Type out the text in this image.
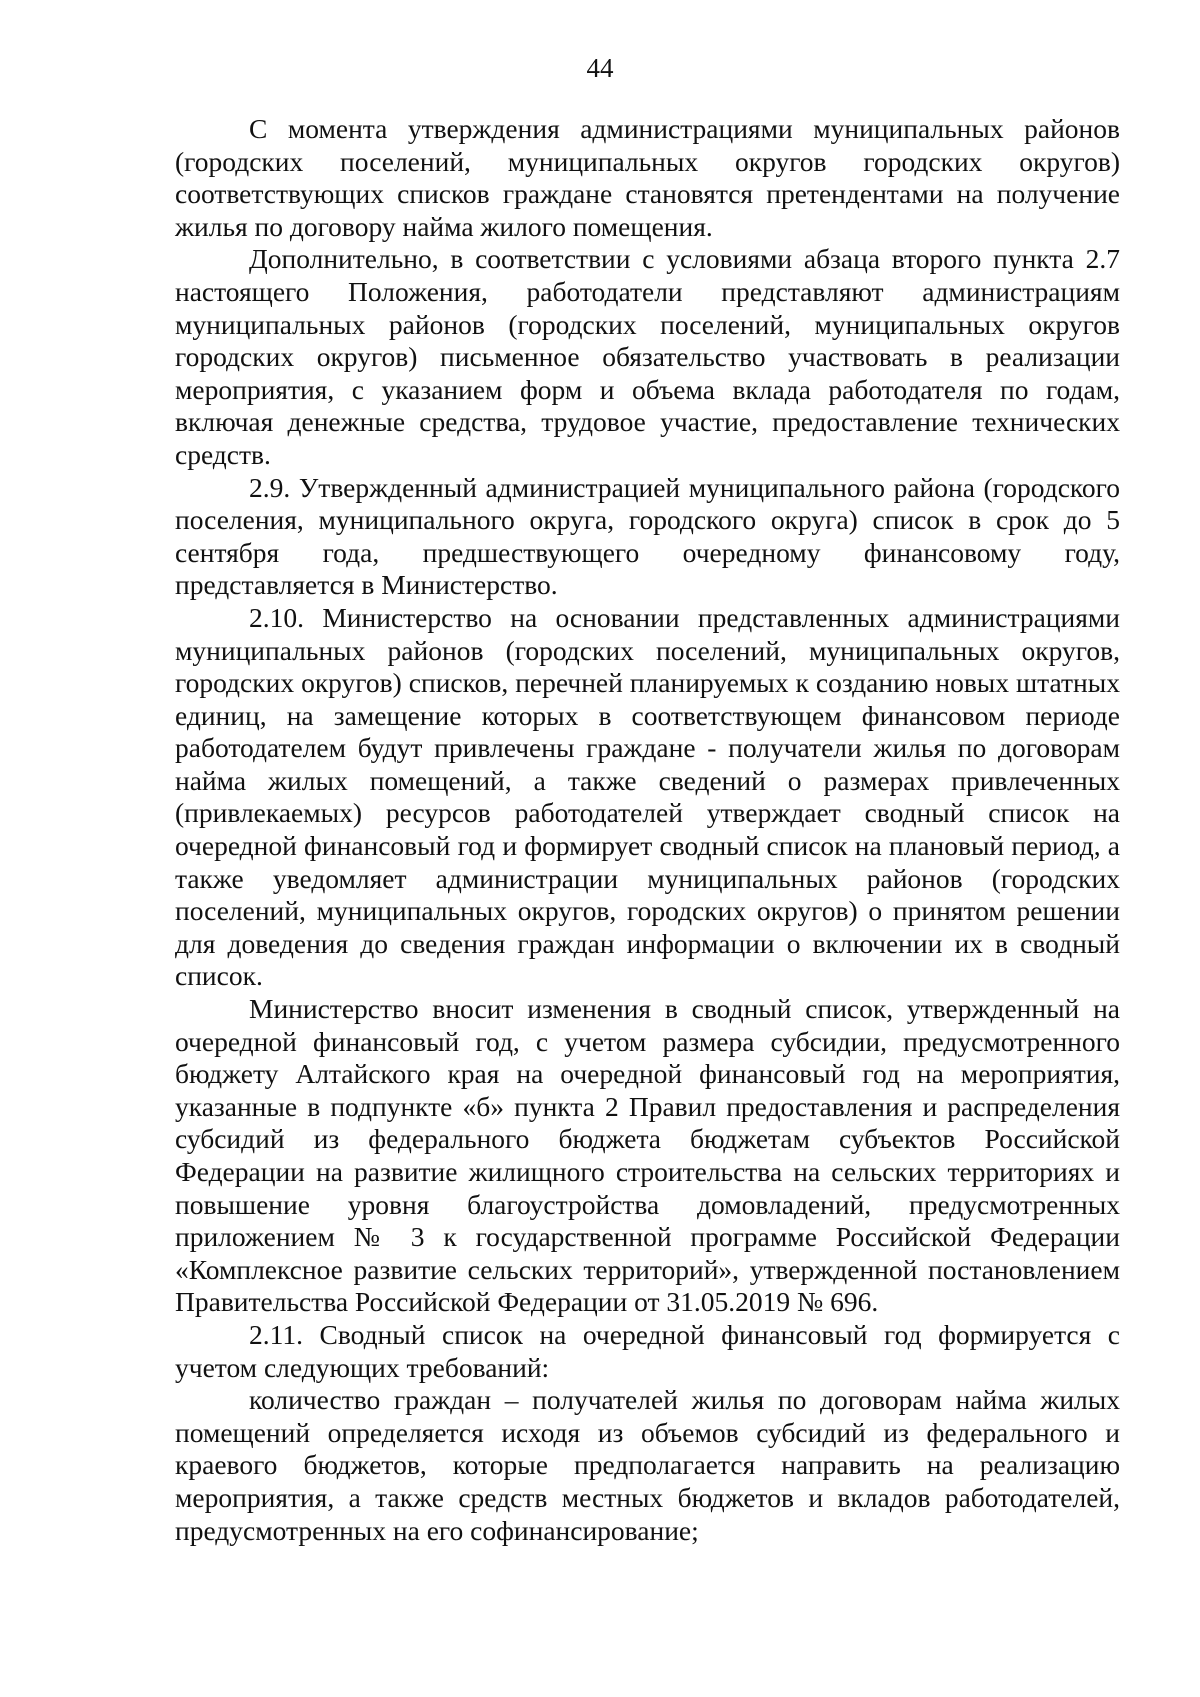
44

С момента утверждения администрациями муниципальных районов (городских поселений, муниципальных округов городских округов) соответствующих списков граждане становятся претендентами на получение жилья по договору найма жилого помещения.

Дополнительно, в соответствии с условиями абзаца второго пункта 2.7 настоящего Положения, работодатели представляют администрациям муниципальных районов (городских поселений, муниципальных округов городских округов) письменное обязательство участвовать в реализации мероприятия, с указанием форм и объема вклада работодателя по годам, включая денежные средства, трудовое участие, предоставление технических средств.

2.9. Утвержденный администрацией муниципального района (городского поселения, муниципального округа, городского округа) список в срок до 5 сентября года, предшествующего очередному финансовому году, представляется в Министерство.

2.10. Министерство на основании представленных администрациями муниципальных районов (городских поселений, муниципальных округов, городских округов) списков, перечней планируемых к созданию новых штатных единиц, на замещение которых в соответствующем финансовом периоде работодателем будут привлечены граждане - получатели жилья по договорам найма жилых помещений, а также сведений о размерах привлеченных (привлекаемых) ресурсов работодателей утверждает сводный список на очередной финансовый год и формирует сводный список на плановый период, а также уведомляет администрации муниципальных районов (городских поселений, муниципальных округов, городских округов) о принятом решении для доведения до сведения граждан информации о включении их в сводный список.

Министерство вносит изменения в сводный список, утвержденный на очередной финансовый год, с учетом размера субсидии, предусмотренного бюджету Алтайского края на очередной финансовый год на мероприятия, указанные в подпункте «б» пункта 2 Правил предоставления и распределения субсидий из федерального бюджета бюджетам субъектов Российской Федерации на развитие жилищного строительства на сельских территориях и повышение уровня благоустройства домовладений, предусмотренных приложением № 3 к государственной программе Российской Федерации «Комплексное развитие сельских территорий», утвержденной постановлением Правительства Российской Федерации от 31.05.2019 № 696.

2.11. Сводный список на очередной финансовый год формируется с учетом следующих требований:

количество граждан – получателей жилья по договорам найма жилых помещений определяется исходя из объемов субсидий из федерального и краевого бюджетов, которые предполагается направить на реализацию мероприятия, а также средств местных бюджетов и вкладов работодателей, предусмотренных на его софинансирование;
